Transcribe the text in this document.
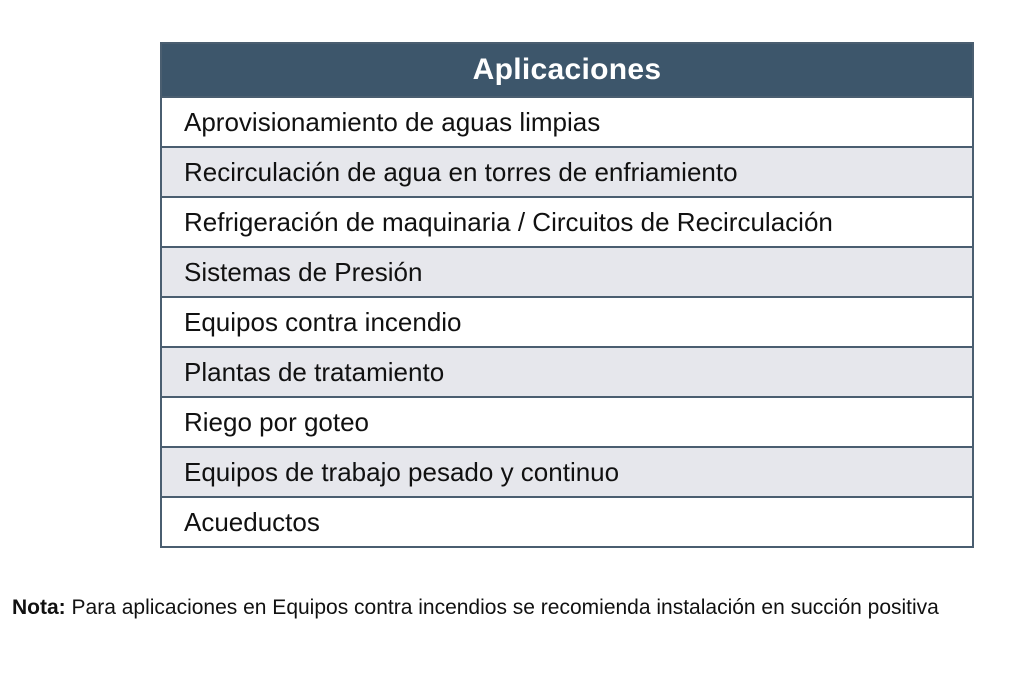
Aplicaciones
Aprovisionamiento de aguas limpias
Recirculación de agua en torres de enfriamiento
Refrigeración de maquinaria / Circuitos de Recirculación
Sistemas de Presión
Equipos contra incendio
Plantas de tratamiento
Riego por goteo
Equipos de trabajo pesado y continuo
Acueductos
Nota: Para aplicaciones en Equipos contra incendios se recomienda instalación en succión positiva
